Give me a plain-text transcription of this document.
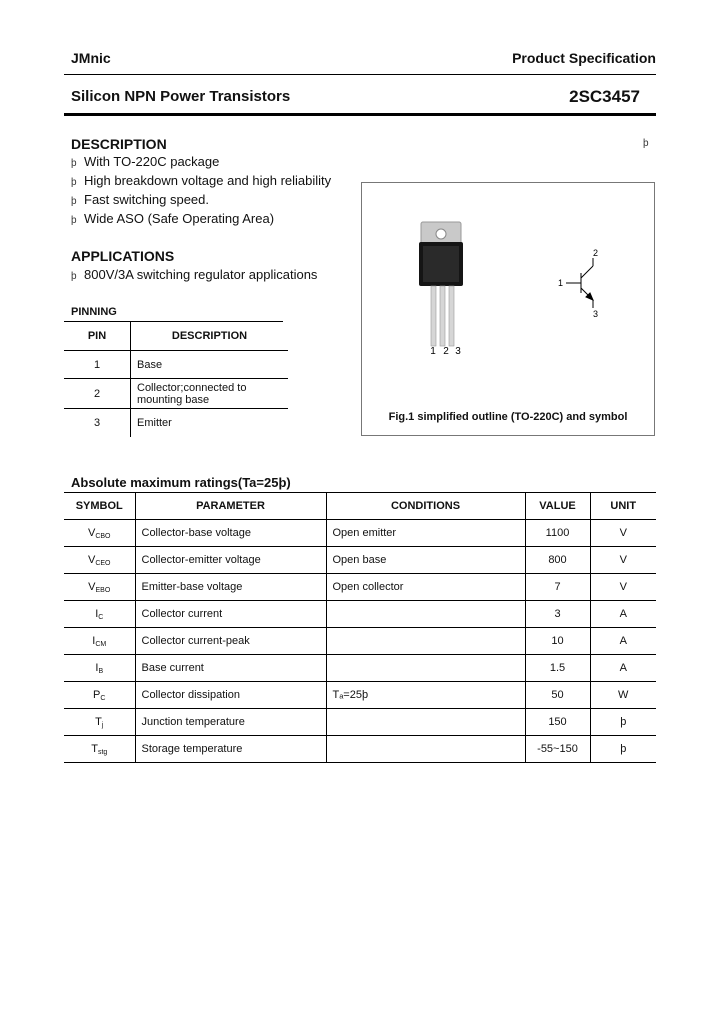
JMnic	Product Specification
Silicon NPN Power Transistors	2SC3457
DESCRIPTION
þ With TO-220C package
þ High breakdown voltage and high reliability
þ Fast switching speed.
þ Wide ASO (Safe Operating Area)
þ
APPLICATIONS
þ 800V/3A switching regulator applications
PINNING
PIN	DESCRIPTION
1	Base
2	Collector;connected to mounting base
3	Emitter
1 2 3
1
2
3
Fig.1 simplified outline (TO-220C) and symbol
Absolute maximum ratings(Ta=25þ)
SYMBOL	PARAMETER	CONDITIONS	VALUE	UNIT
VCBO	Collector-base voltage	Open emitter	1100	V
VCEO	Collector-emitter voltage	Open base	800	V
VEBO	Emitter-base voltage	Open collector	7	V
IC	Collector current		3	A
ICM	Collector current-peak		10	A
IB	Base current		1.5	A
PC	Collector dissipation	Tₐ=25þ	50	W
Tj	Junction temperature		150	þ
Tstg	Storage temperature		-55~150	þ
